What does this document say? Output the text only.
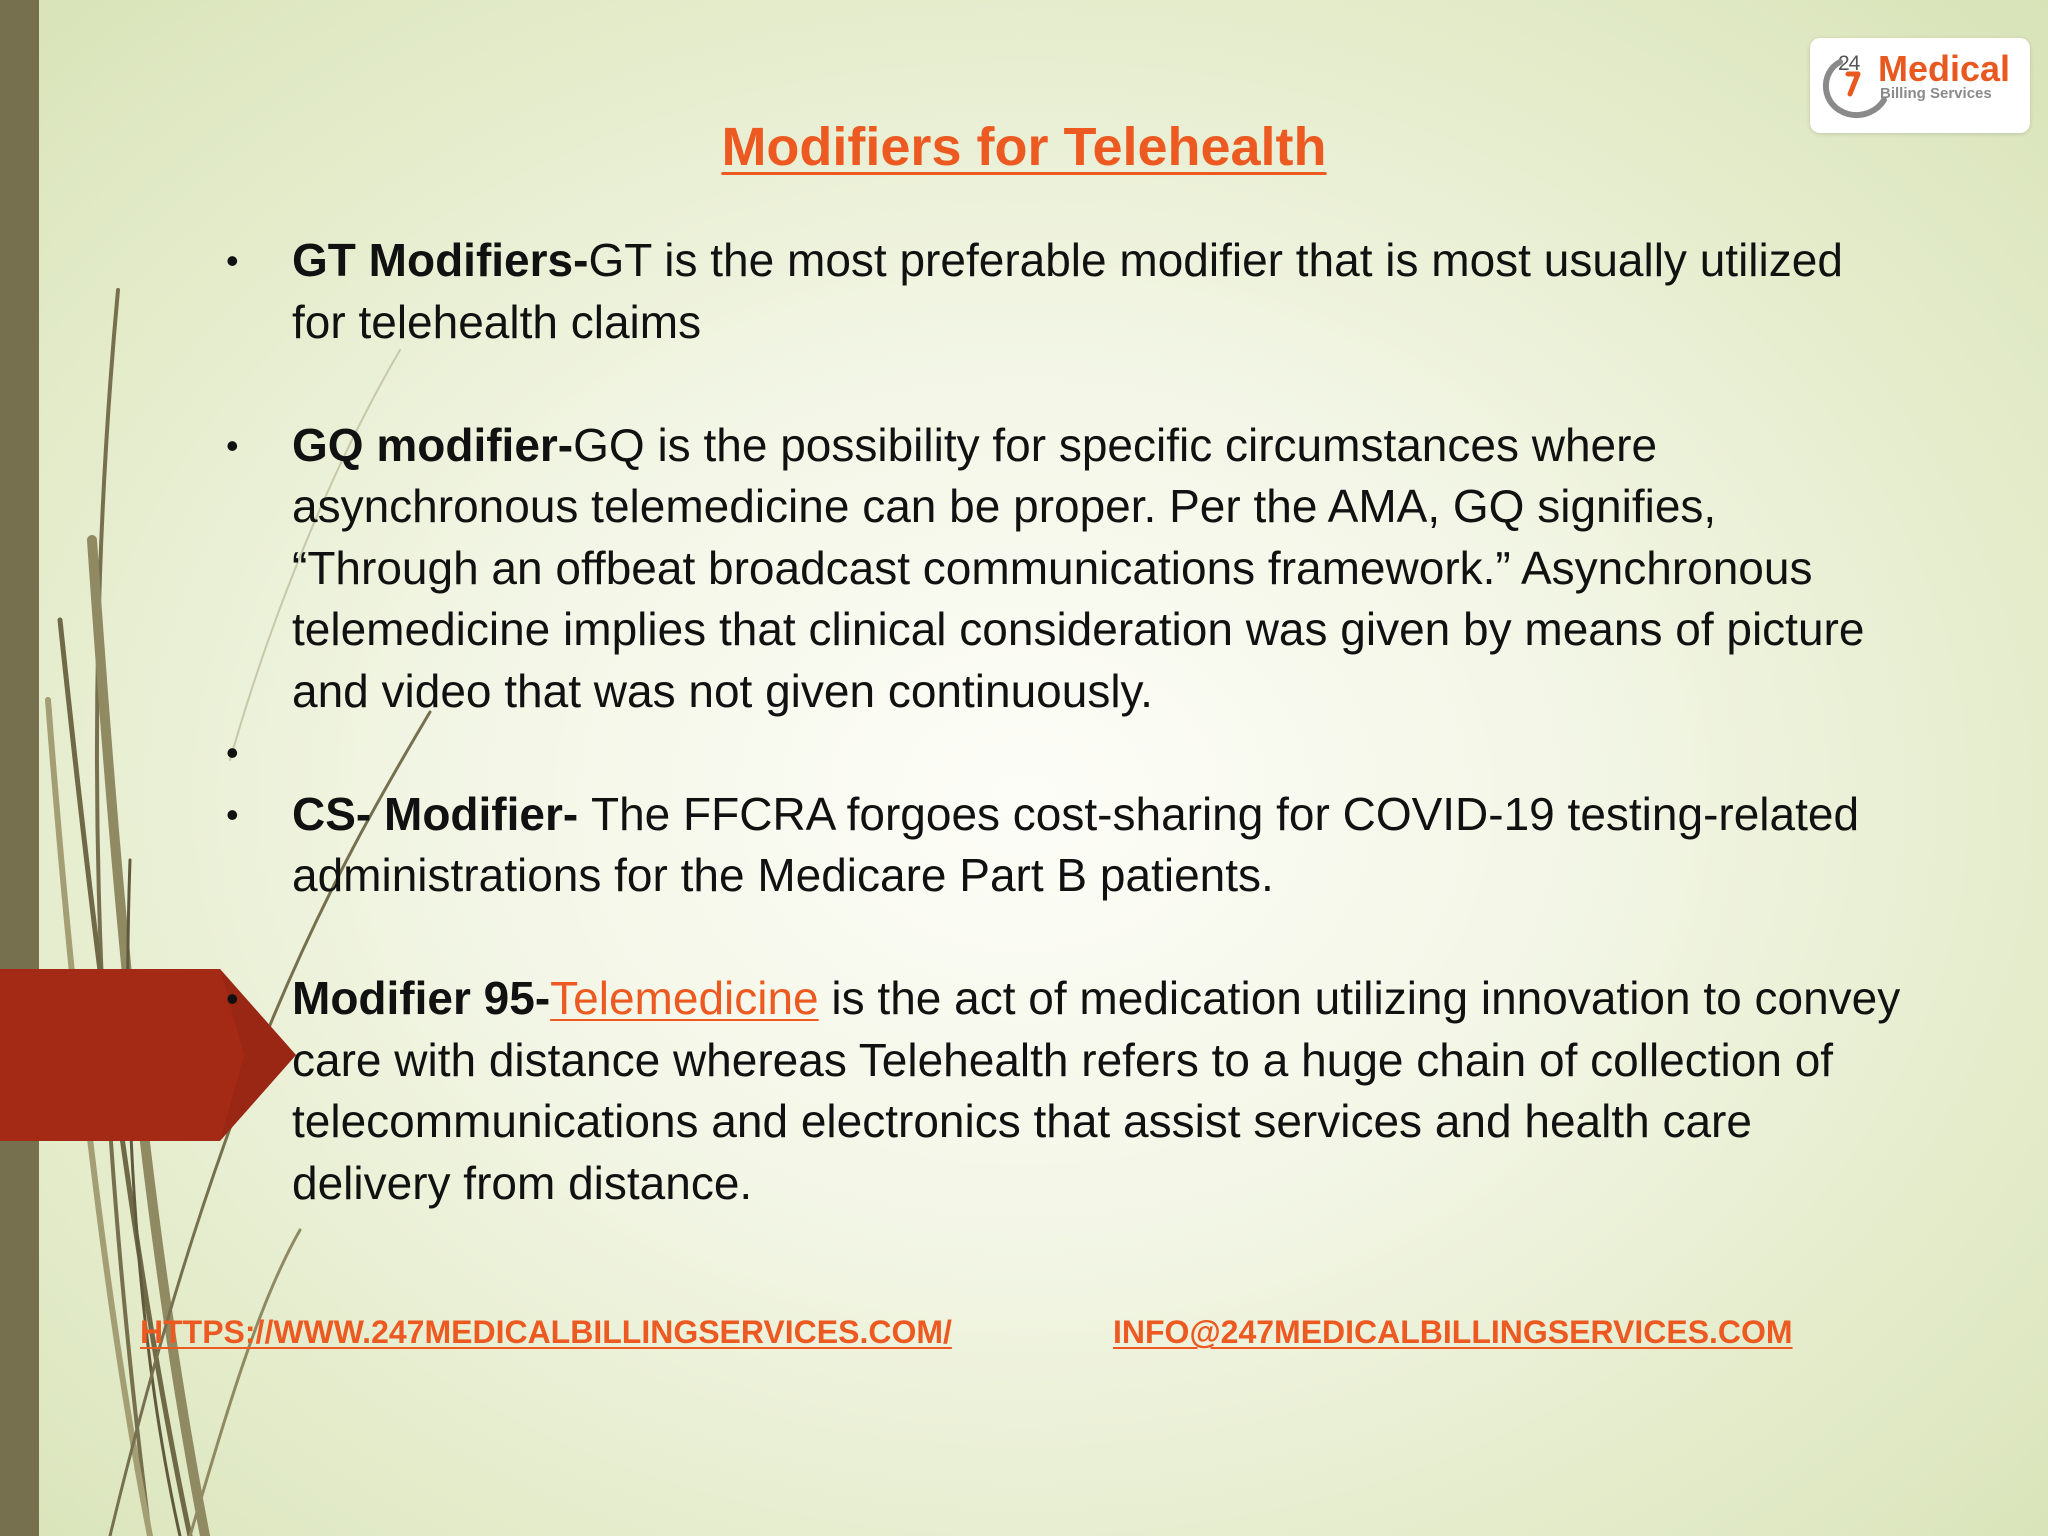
24 Medical
Billing Services
Modifiers for Telehealth
• GT Modifiers-GT is the most preferable modifier that is most usually utilized for telehealth claims
• GQ modifier-GQ is the possibility for specific circumstances where asynchronous telemedicine can be proper. Per the AMA, GQ signifies, “Through an offbeat broadcast communications framework.” Asynchronous telemedicine implies that clinical consideration was given by means of picture and video that was not given continuously.
•
• CS- Modifier- The FFCRA forgoes cost-sharing for COVID-19 testing-related administrations for the Medicare Part B patients.
• Modifier 95-Telemedicine is the act of medication utilizing innovation to convey care with distance whereas Telehealth refers to a huge chain of collection of telecommunications and electronics that assist services and health care delivery from distance.
HTTPS://WWW.247MEDICALBILLINGSERVICES.COM/	INFO@247MEDICALBILLINGSERVICES.COM
